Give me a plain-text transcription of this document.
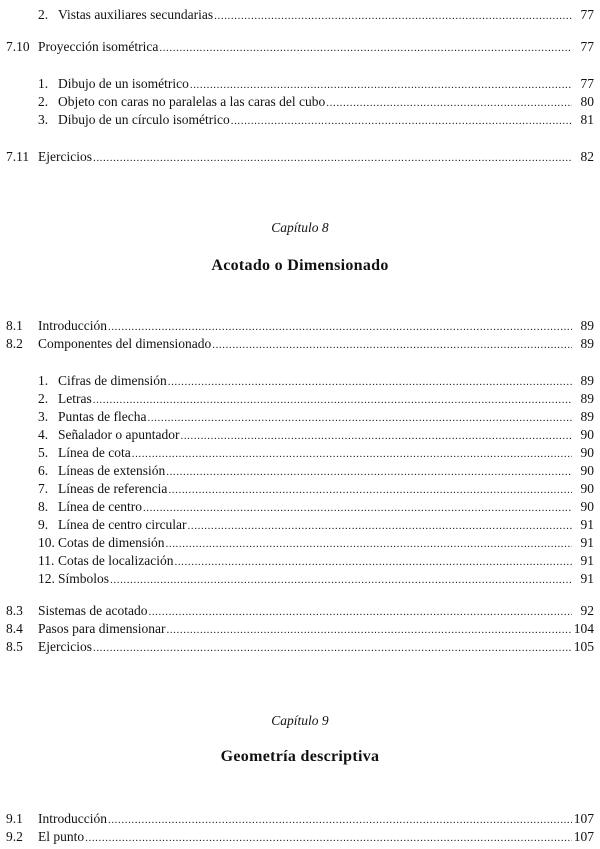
2. Vistas auxiliares secundarias .....	77
7.10 Proyección isométrica .....	77
1. Dibujo de un isométrico .....	77
2. Objeto con caras no paralelas a las caras del cubo .....	80
3. Dibujo de un círculo isométrico .....	81
7.11 Ejercicios .....	82
Capítulo 8
Acotado o Dimensionado
8.1 Introducción .....	89
8.2 Componentes del dimensionado .....	89
1. Cifras de dimensión .....	89
2. Letras .....	89
3. Puntas de flecha .....	89
4. Señalador o apuntador .....	90
5. Línea de cota .....	90
6. Líneas de extensión .....	90
7. Líneas de referencia .....	90
8. Línea de centro .....	90
9. Línea de centro circular .....	91
10. Cotas de dimensión .....	91
11. Cotas de localización .....	91
12. Símbolos .....	91
8.3 Sistemas de acotado .....	92
8.4 Pasos para dimensionar .....	104
8.5 Ejercicios .....	105
Capítulo 9
Geometría descriptiva
9.1 Introducción .....	107
9.2 El punto .....	107
